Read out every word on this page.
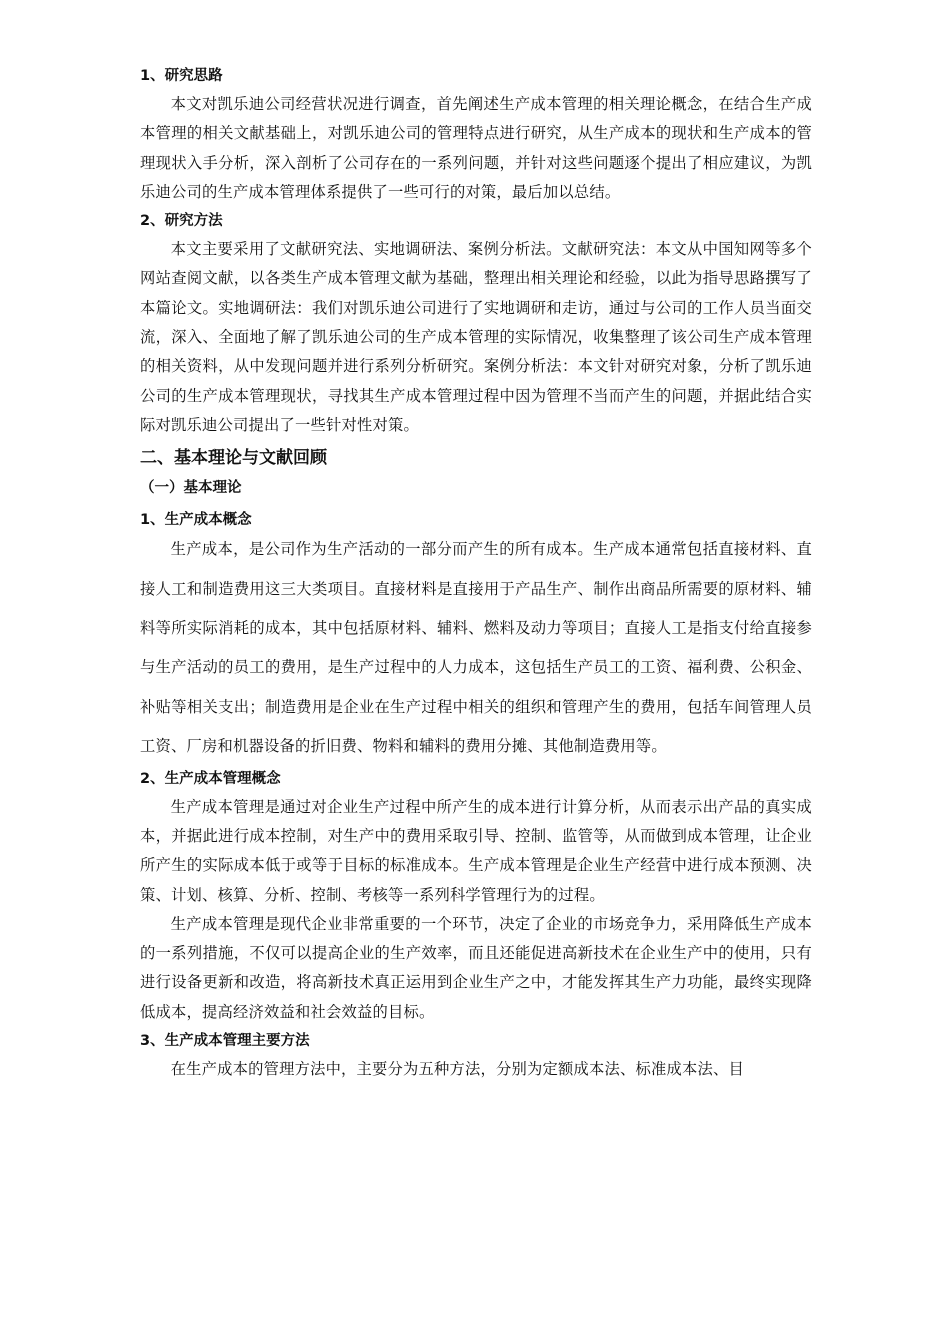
1、研究思路
本文对凯乐迪公司经营状况进行调查，首先阐述生产成本管理的相关理论概念，在结合生产成本管理的相关文献基础上，对凯乐迪公司的管理特点进行研究，从生产成本的现状和生产成本的管理现状入手分析，深入剖析了公司存在的一系列问题，并针对这些问题逐个提出了相应建议，为凯乐迪公司的生产成本管理体系提供了一些可行的对策，最后加以总结。
2、研究方法
本文主要采用了文献研究法、实地调研法、案例分析法。文献研究法：本文从中国知网等多个网站查阅文献，以各类生产成本管理文献为基础，整理出相关理论和经验，以此为指导思路撰写了本篇论文。实地调研法：我们对凯乐迪公司进行了实地调研和走访，通过与公司的工作人员当面交流，深入、全面地了解了凯乐迪公司的生产成本管理的实际情况，收集整理了该公司生产成本管理的相关资料，从中发现问题并进行系列分析研究。案例分析法：本文针对研究对象，分析了凯乐迪公司的生产成本管理现状，寻找其生产成本管理过程中因为管理不当而产生的问题，并据此结合实际对凯乐迪公司提出了一些针对性对策。
二、基本理论与文献回顾
（一）基本理论
1、生产成本概念
生产成本，是公司作为生产活动的一部分而产生的所有成本。生产成本通常包括直接材料、直接人工和制造费用这三大类项目。直接材料是直接用于产品生产、制作出商品所需要的原材料、辅料等所实际消耗的成本，其中包括原材料、辅料、燃料及动力等项目；直接人工是指支付给直接参与生产活动的员工的费用，是生产过程中的人力成本，这包括生产员工的工资、福利费、公积金、补贴等相关支出；制造费用是企业在生产过程中相关的组织和管理产生的费用，包括车间管理人员工资、厂房和机器设备的折旧费、物料和辅料的费用分摊、其他制造费用等。
2、生产成本管理概念
生产成本管理是通过对企业生产过程中所产生的成本进行计算分析，从而表示出产品的真实成本，并据此进行成本控制，对生产中的费用采取引导、控制、监管等，从而做到成本管理，让企业所产生的实际成本低于或等于目标的标准成本。生产成本管理是企业生产经营中进行成本预测、决策、计划、核算、分析、控制、考核等一系列科学管理行为的过程。
生产成本管理是现代企业非常重要的一个环节，决定了企业的市场竞争力，采用降低生产成本的一系列措施，不仅可以提高企业的生产效率，而且还能促进高新技术在企业生产中的使用，只有进行设备更新和改造，将高新技术真正运用到企业生产之中，才能发挥其生产力功能，最终实现降低成本，提高经济效益和社会效益的目标。
3、生产成本管理主要方法
在生产成本的管理方法中，主要分为五种方法，分别为定额成本法、标准成本法、目
